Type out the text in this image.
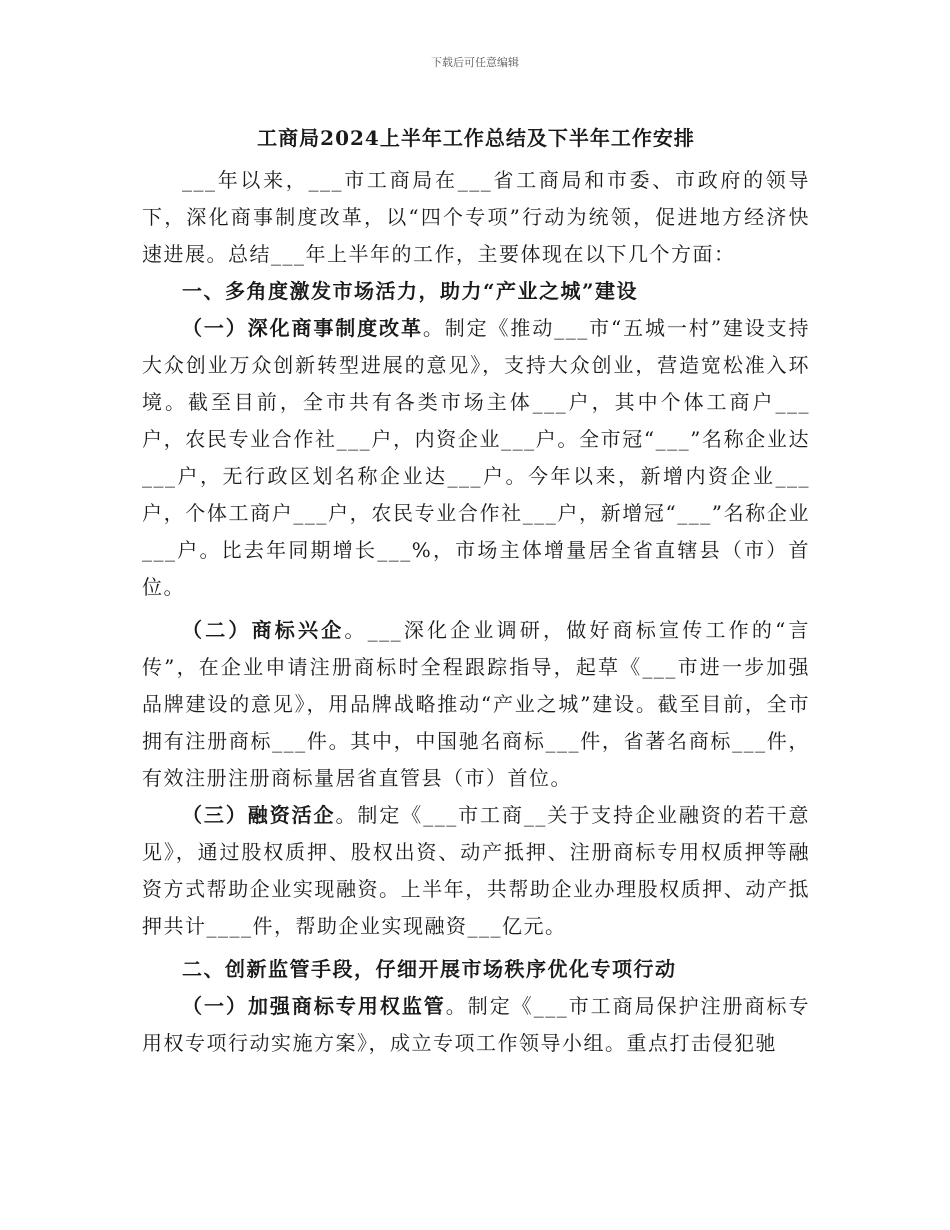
下载后可任意编辑
工商局2024上半年工作总结及下半年工作安排

___年以来，___市工商局在___省工商局和市委、市政府的领导下，深化商事制度改革，以“四个专项”行动为统领，促进地方经济快速进展。总结___年上半年的工作，主要体现在以下几个方面：

一、多角度激发市场活力，助力“产业之城”建设

（一）深化商事制度改革。制定《推动___市“五城一村”建设支持大众创业万众创新转型进展的意见》，支持大众创业，营造宽松准入环境。截至目前，全市共有各类市场主体___户，其中个体工商户___户，农民专业合作社___户，内资企业___户。全市冠“___”名称企业达___户，无行政区划名称企业达___户。今年以来，新增内资企业___户，个体工商户___户，农民专业合作社___户，新增冠“___”名称企业___户。比去年同期增长___%，市场主体增量居全省直辖县（市）首位。

（二）商标兴企。___深化企业调研，做好商标宣传工作的“言传”，在企业申请注册商标时全程跟踪指导，起草《___市进一步加强品牌建设的意见》，用品牌战略推动“产业之城”建设。截至目前，全市拥有注册商标___件。其中，中国驰名商标___件，省著名商标___件，有效注册注册商标量居省直管县（市）首位。

（三）融资活企。制定《___市工商__关于支持企业融资的若干意见》，通过股权质押、股权出资、动产抵押、注册商标专用权质押等融资方式帮助企业实现融资。上半年，共帮助企业办理股权质押、动产抵押共计____件，帮助企业实现融资___亿元。

二、创新监管手段，仔细开展市场秩序优化专项行动

（一）加强商标专用权监管。制定《___市工商局保护注册商标专用权专项行动实施方案》，成立专项工作领导小组。重点打击侵犯驰
